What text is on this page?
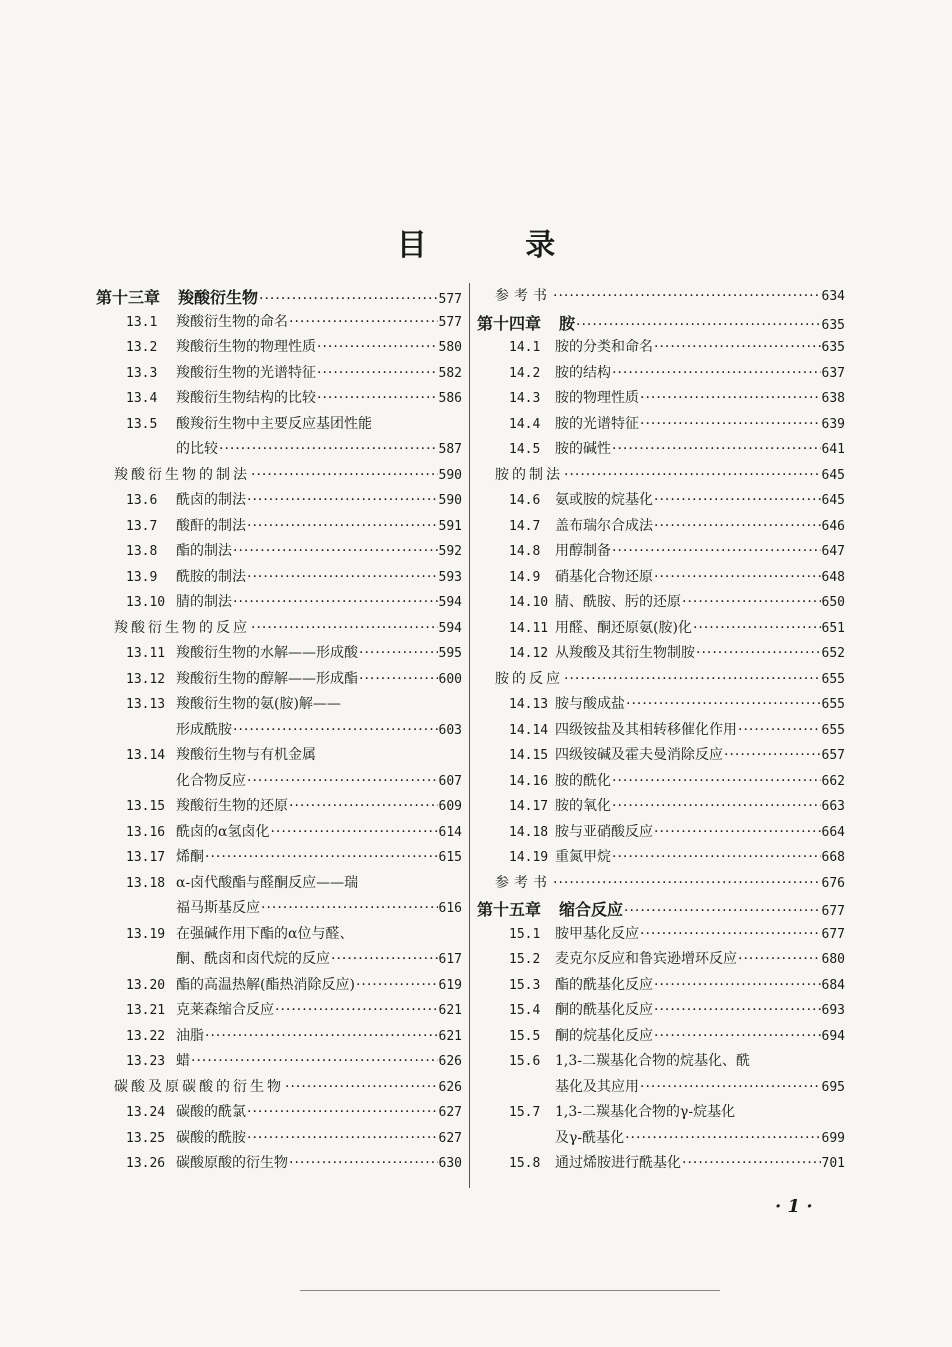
目 录
第十三章 羧酸衍生物 ·····	577
13.1	羧酸衍生物的命名 ·····	577
13.2	羧酸衍生物的物理性质 ·····	580
13.3	羧酸衍生物的光谱特征 ·····	582
13.4	羧酸衍生物结构的比较 ·····	586
13.5	酸羧衍生物中主要反应基团性能
的比较 ·····	587
羧酸衍生物的制法 ·····	590
13.6	酰卤的制法 ·····	590
13.7	酸酐的制法 ·····	591
13.8	酯的制法 ·····	592
13.9	酰胺的制法 ·····	593
13.10 腈的制法 ·····	594
羧酸衍生物的反应 ·····	594
13.11 羧酸衍生物的水解——形成酸 ·····	595
13.12 羧酸衍生物的醇解——形成酯 ·····	600
13.13 羧酸衍生物的氨(胺)解——
形成酰胺 ·····	603
13.14 羧酸衍生物与有机金属
化合物反应 ·····	607
13.15 羧酸衍生物的还原 ·····	609
13.16 酰卤的α氢卤化 ·····	614
13.17 烯酮 ·····	615
13.18 α-卤代酸酯与醛酮反应——瑞
福马斯基反应 ·····	616
13.19 在强碱作用下酯的α位与醛、
酮、酰卤和卤代烷的反应 ·····	617
13.20 酯的高温热解(酯热消除反应) ·····	619
13.21 克莱森缩合反应 ·····	621
13.22 油脂 ·····	621
13.23 蜡 ·····	626
碳酸及原碳酸的衍生物 ·····	626
13.24 碳酸的酰氯 ·····	627
13.25 碳酸的酰胺 ·····	627
13.26 碳酸原酸的衍生物 ·····	630
参考书 ·····	634
第十四章 胺 ·····	635
14.1	胺的分类和命名 ·····	635
14.2	胺的结构 ·····	637
14.3	胺的物理性质 ·····	638
14.4	胺的光谱特征 ·····	639
14.5	胺的碱性 ·····	641
胺的制法 ·····	645
14.6	氨或胺的烷基化 ·····	645
14.7	盖布瑞尔合成法 ·····	646
14.8	用醇制备 ·····	647
14.9	硝基化合物还原 ·····	648
14.10 腈、酰胺、肟的还原 ·····	650
14.11 用醛、酮还原氨(胺)化 ·····	651
14.12 从羧酸及其衍生物制胺 ·····	652
胺的反应 ·····	655
14.13 胺与酸成盐 ·····	655
14.14 四级铵盐及其相转移催化作用 ·····	655
14.15 四级铵碱及霍夫曼消除反应 ·····	657
14.16 胺的酰化 ·····	662
14.17 胺的氧化 ·····	663
14.18 胺与亚硝酸反应 ·····	664
14.19 重氮甲烷 ·····	668
参考书 ·····	676
第十五章 缩合反应 ·····	677
15.1	胺甲基化反应 ·····	677
15.2	麦克尔反应和鲁宾逊增环反应 ·····	680
15.3	酯的酰基化反应 ·····	684
15.4	酮的酰基化反应 ·····	693
15.5	酮的烷基化反应 ·····	694
15.6	1,3-二羰基化合物的烷基化、酰
基化及其应用 ·····	695
15.7	1,3-二羰基化合物的γ-烷基化
及γ-酰基化 ·····	699
15.8	通过烯胺进行酰基化 ·····	701
· 1 ·
